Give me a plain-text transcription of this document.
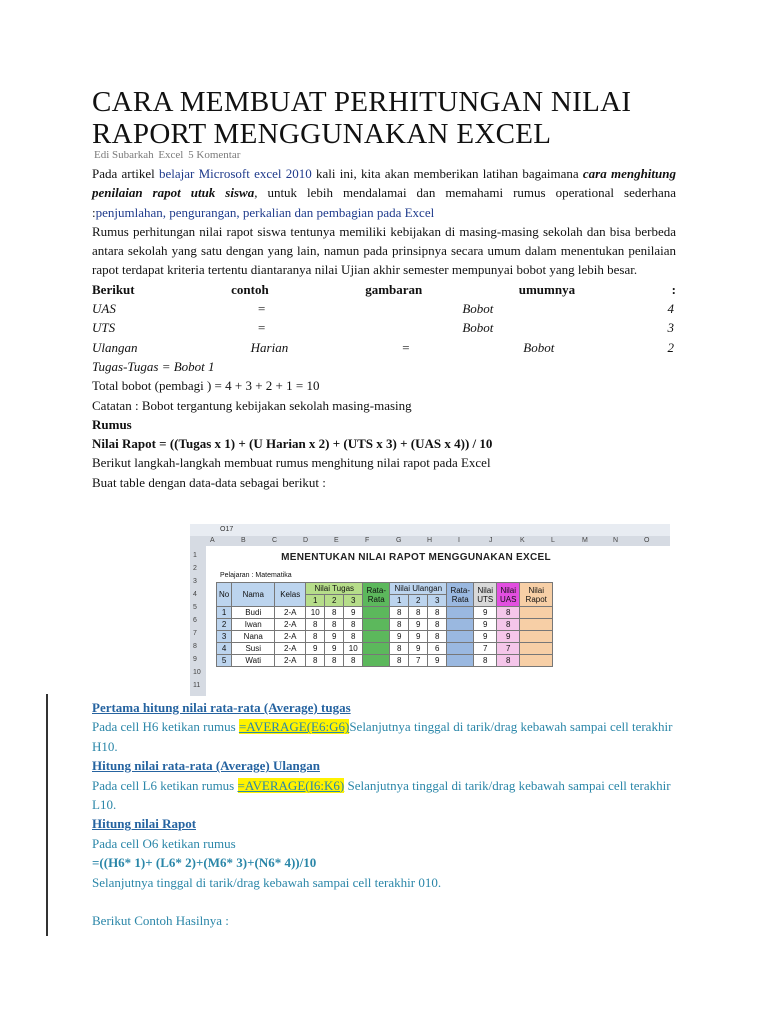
CARA MEMBUAT PERHITUNGAN NILAI RAPORT MENGGUNAKAN EXCEL
Edi Subarkah Excel 5 Komentar

Pada artikel belajar Microsoft excel 2010 kali ini, kita akan memberikan latihan bagaimana cara menghitung penilaian rapot utuk siswa, untuk lebih mendalamai dan memahami rumus operational sederhana :penjumlahan, pengurangan, perkalian dan pembagian pada Excel

Rumus perhitungan nilai rapot siswa tentunya memiliki kebijakan di masing-masing sekolah dan bisa berbeda antara sekolah yang satu dengan yang lain, namun pada prinsipnya secara umum dalam menentukan penilaian rapot terdapat kriteria tertentu diantaranya nilai Ujian akhir semester mempunyai bobot yang lebih besar.

Berikut	contoh	gambaran	umumnya	:

UAS	=	Bobot	4

UTS	=	Bobot	3

Ulangan	Harian	=	Bobot	2

Tugas-Tugas = Bobot 1

Total bobot (pembagi ) = 4 + 3 + 2 + 1 = 10

Catatan : Bobot tergantung kebijakan sekolah masing-masing

Rumus

Nilai Rapot = ((Tugas x 1) + (U Harian x 2) + (UTS x 3) + (UAS x 4)) / 10

Berikut langkah-langkah membuat rumus menghitung nilai rapot pada Excel

Buat table dengan data-data sebagai berikut :

O17
A	B	C	D	E	F	G	H	I	J	K	L	M	N	O
1
2
3
4
5
6
7
8
9
10
11
MENENTUKAN NILAI RAPOT MENGGUNAKAN EXCEL
Pelajaran : Matematika
No	Nama	Kelas	Nilai Tugas			Rata-Rata	Nilai Ulangan			Rata-Rata	Nilai UTS	Nilai UAS	Nilai Rapot
			1	2	3		1	2	3				
1	Budi	2-A	10	8	9		8	8	8		9	8	
2	Iwan	2-A	8	8	8		8	9	8		9	8	
3	Nana	2-A	8	9	8		9	9	8		9	9	
4	Susi	2-A	9	9	10		8	9	6		7	7	
5	Wati	2-A	8	8	8		8	7	9		8	8	

Pertama hitung nilai rata-rata (Average) tugas

Pada cell H6 ketikan rumus =AVERAGE(E6:G6)Selanjutnya tinggal di tarik/drag kebawah sampai cell terakhir H10.

Hitung nilai rata-rata (Average) Ulangan

Pada cell L6 ketikan rumus =AVERAGE(I6:K6) Selanjutnya tinggal di tarik/drag kebawah sampai cell terakhir L10.

Hitung nilai Rapot

Pada cell O6 ketikan rumus

=((H6* 1)+ (L6* 2)+(M6* 3)+(N6* 4))/10

Selanjutnya tinggal di tarik/drag kebawah sampai cell terakhir 010.

Berikut Contoh Hasilnya :
